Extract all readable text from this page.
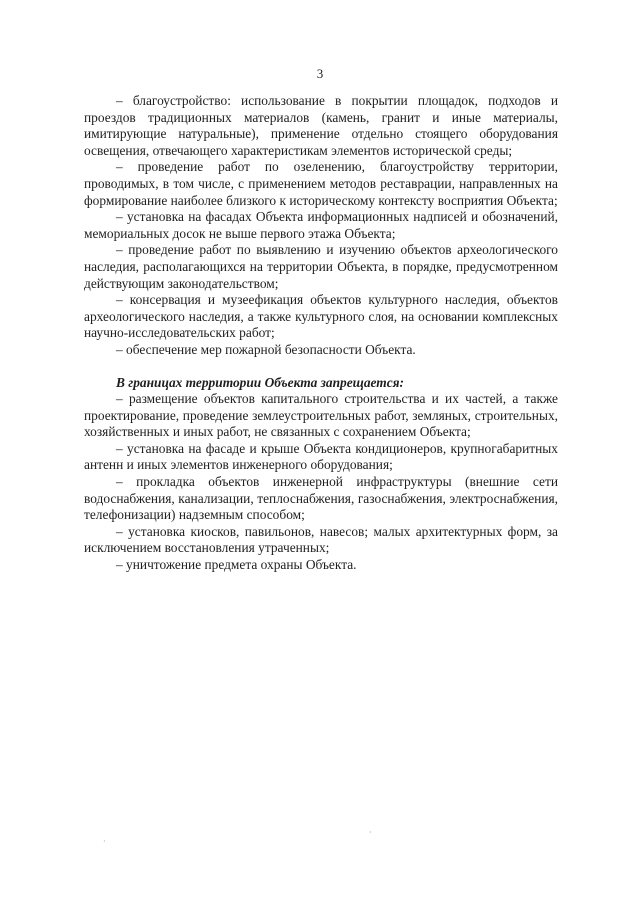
3

– благоустройство: использование в покрытии площадок, подходов и проездов традиционных материалов (камень, гранит и иные материалы, имитирующие натуральные), применение отдельно стоящего оборудования освещения, отвечающего характеристикам элементов исторической среды;

– проведение работ по озеленению, благоустройству территории, проводимых, в том числе, с применением методов реставрации, направленных на формирование наиболее близкого к историческому контексту восприятия Объекта;

– установка на фасадах Объекта информационных надписей и обозначений, мемориальных досок не выше первого этажа Объекта;

– проведение работ по выявлению и изучению объектов археологического наследия, располагающихся на территории Объекта, в порядке, предусмотренном действующим законодательством;

– консервация и музеефикация объектов культурного наследия, объектов археологического наследия, а также культурного слоя, на основании комплексных научно-исследовательских работ;

– обеспечение мер пожарной безопасности Объекта.

В границах территории Объекта запрещается:

– размещение объектов капитального строительства и их частей, а также проектирование, проведение землеустроительных работ, земляных, строительных, хозяйственных и иных работ, не связанных с сохранением Объекта;

– установка на фасаде и крыше Объекта кондиционеров, крупногабаритных антенн и иных элементов инженерного оборудования;

– прокладка объектов инженерной инфраструктуры (внешние сети водоснабжения, канализации, теплоснабжения, газоснабжения, электроснабжения, телефонизации) надземным способом;

– установка киосков, павильонов, навесов; малых архитектурных форм, за исключением восстановления утраченных;

– уничтожение предмета охраны Объекта.

·
·
